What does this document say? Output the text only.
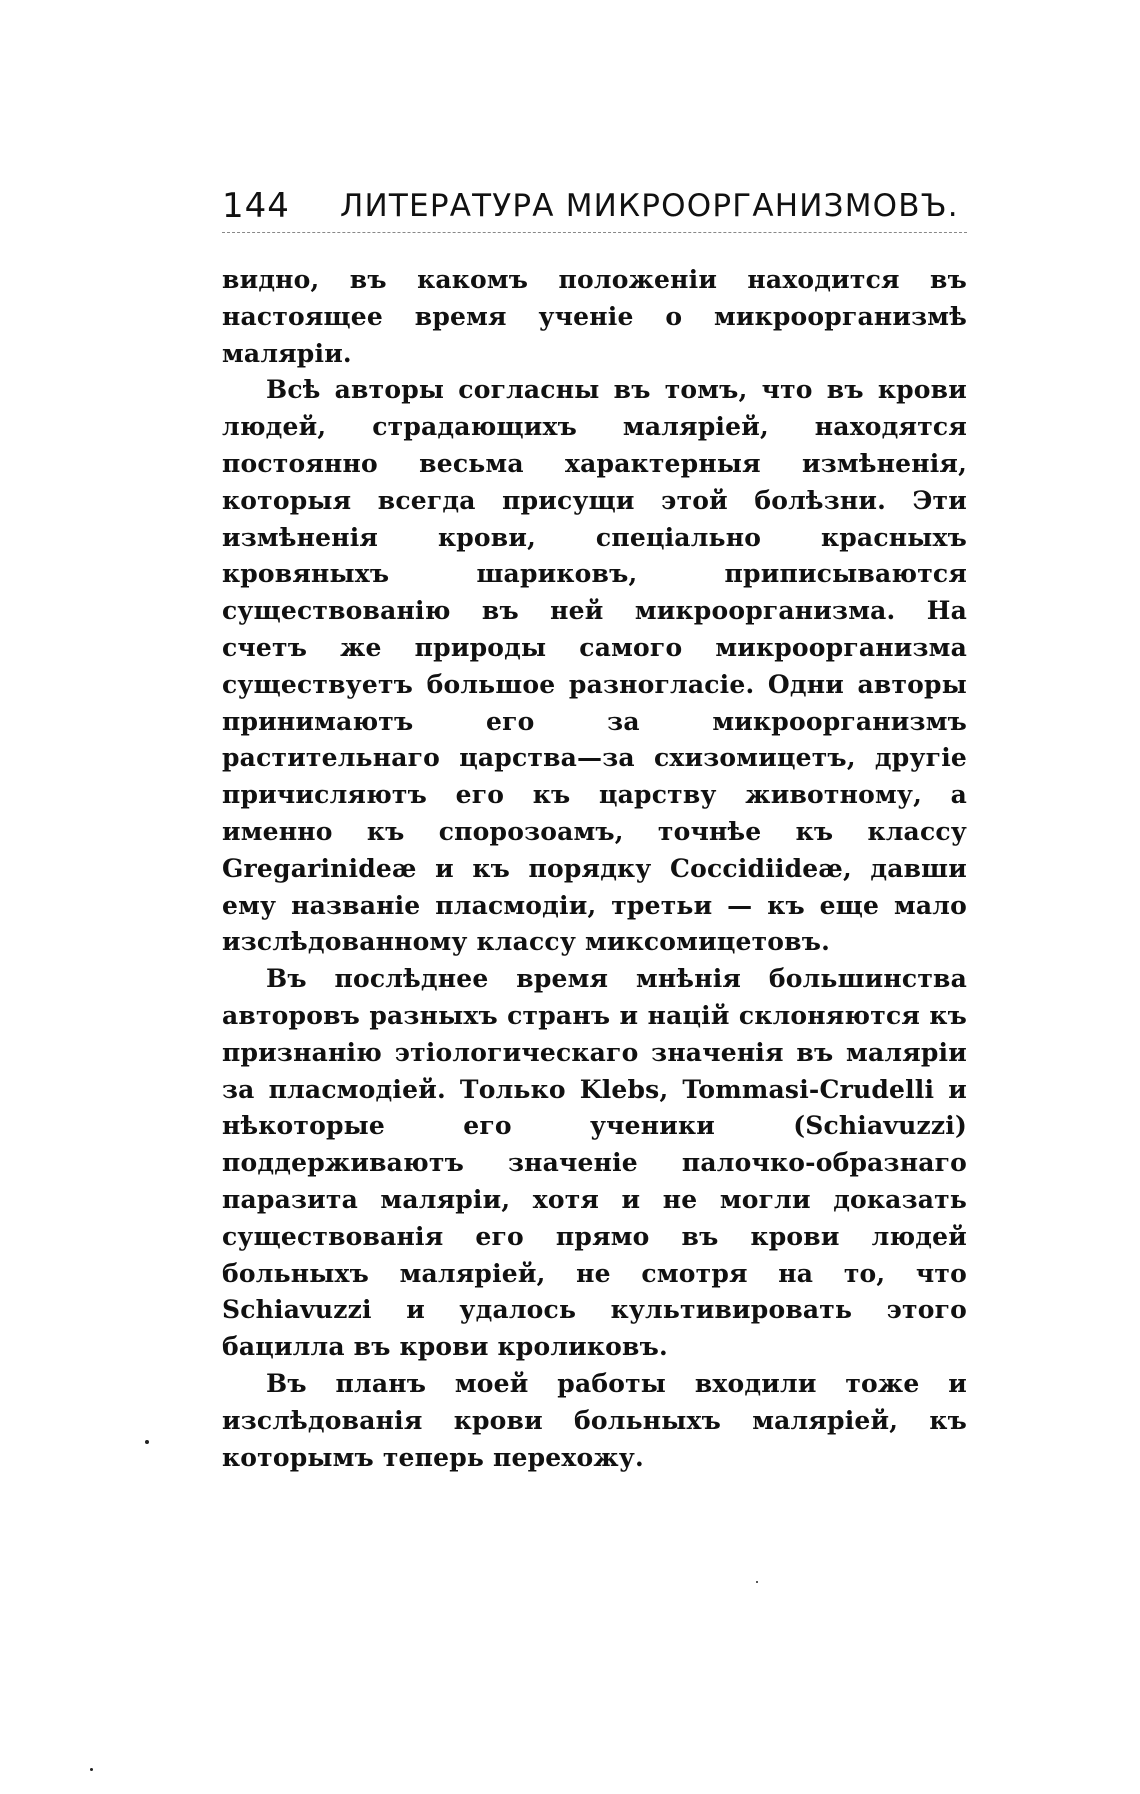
144 ЛИТЕРАТУРА МИКРООРГАНИЗМОВЪ.

видно, въ какомъ положенiи находится въ настоящее время ученiе о микроорганизмѣ малярiи.

Всѣ авторы согласны въ томъ, что въ крови людей, страдающихъ малярiей, находятся постоянно весьма характерныя измѣненiя, которыя всегда присущи этой болѣзни. Эти измѣненiя крови, спецiально красныхъ кровяныхъ шариковъ, приписываются существованiю въ ней микроорганизма. На счетъ же природы самого микроорганизма существуетъ большое разногласiе. Одни авторы принимаютъ его за микроорганизмъ растительнаго царства—за схизомицетъ, другiе причисляютъ его къ царству животному, а именно къ спорозоамъ, точнѣе къ классу Gregarinideæ и къ порядку Coccidiideæ, давши ему названiе пласмодiи, третьи — къ еще мало изслѣдованному классу миксомицетовъ.

Въ послѣднее время мнѣнiя большинства авторовъ разныхъ странъ и нацiй склоняются къ признанiю этiологическаго значенiя въ малярiи за пласмодiей. Только Klebs, Tommasi-Crudelli и нѣкоторые его ученики (Schiavuzzi) поддерживаютъ значенiе палочко-образнаго паразита малярiи, хотя и не могли доказать существованiя его прямо въ крови людей больныхъ малярiей, не смотря на то, что Schiavuzzi и удалось культивировать этого бацилла въ крови кроликовъ.

Въ планъ моей работы входили тоже и изслѣдованiя крови больныхъ малярiей, къ которымъ теперь перехожу.
